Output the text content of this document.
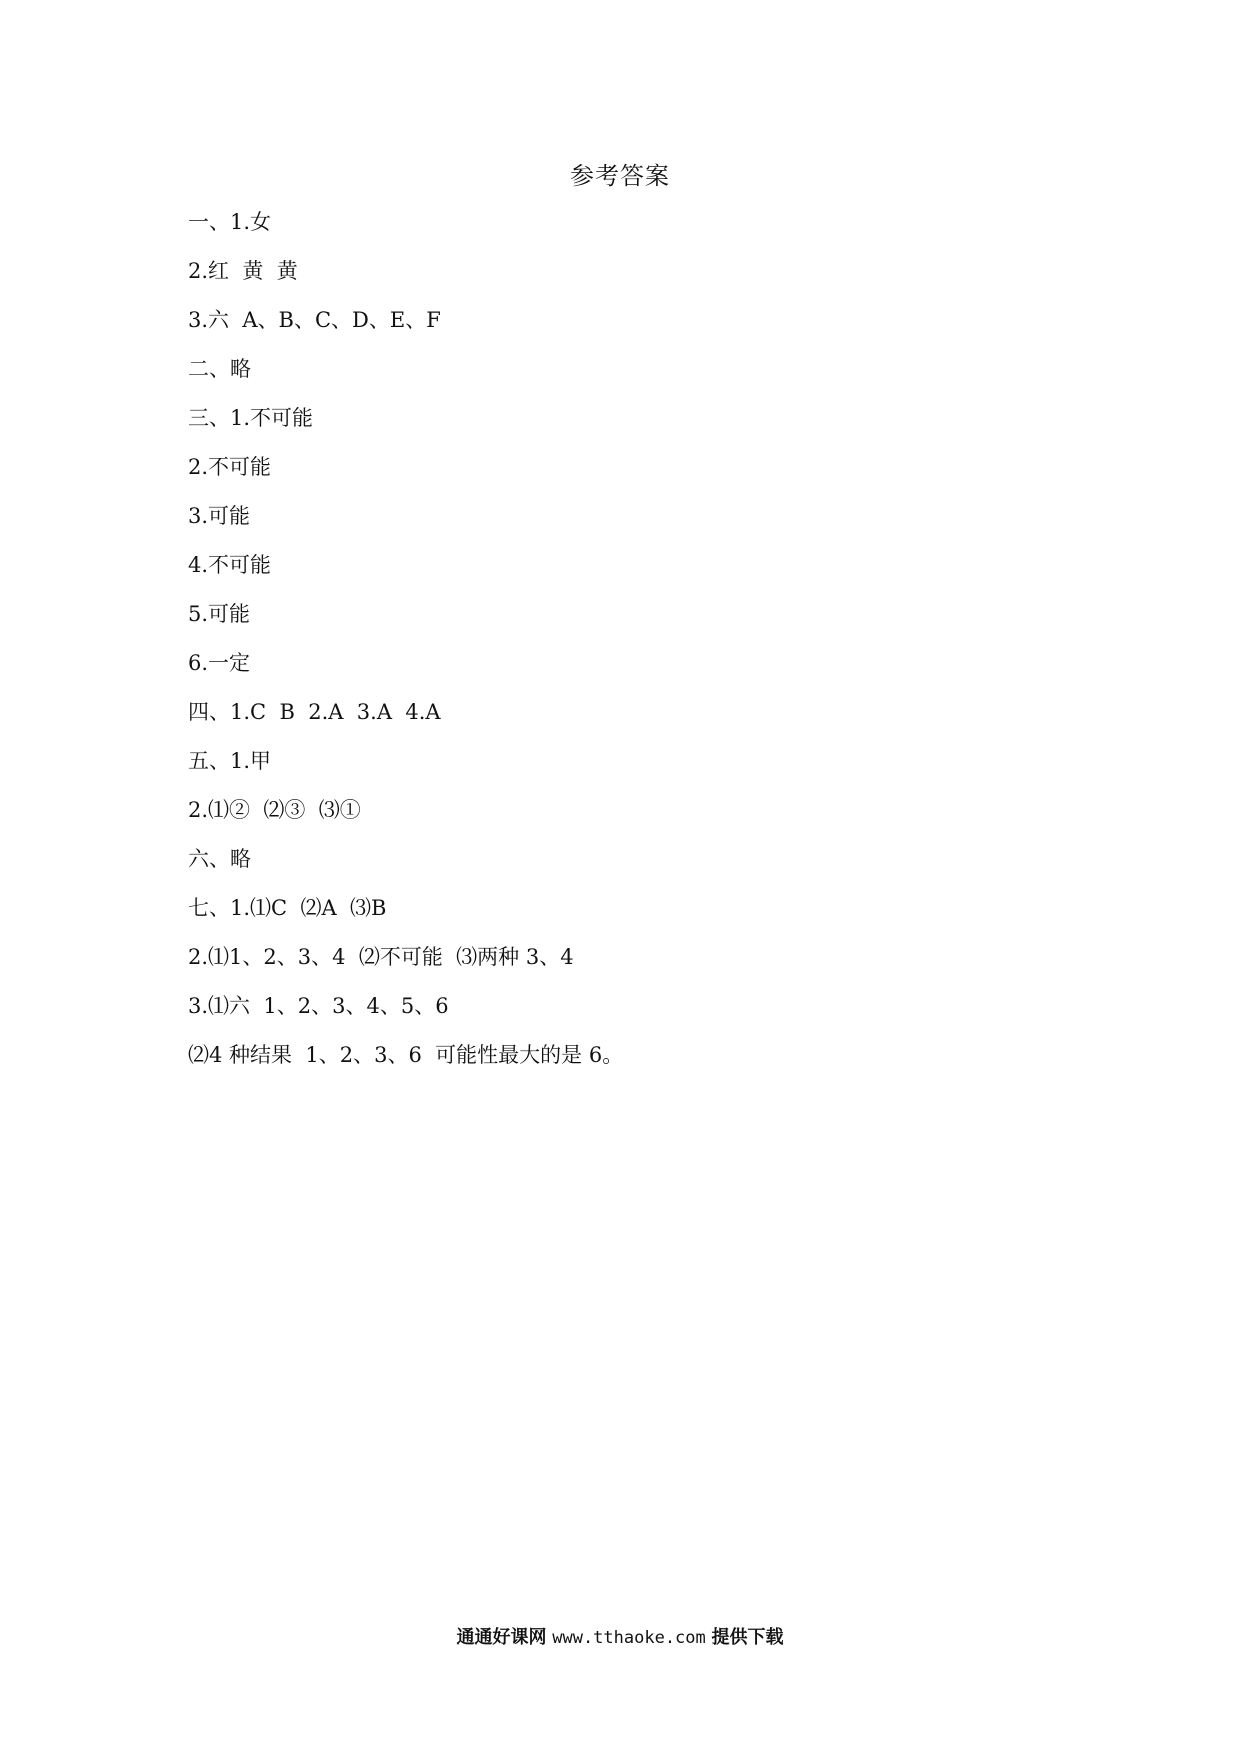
参考答案
一、1.女
2.红  黄  黄
3.六  A、B、C、D、E、F
二、略
三、1.不可能
2.不可能
3.可能
4.不可能
5.可能
6.一定
四、1.C  B  2.A  3.A  4.A
五、1.甲
2.⑴②  ⑵③  ⑶①
六、略
七、1.⑴C  ⑵A  ⑶B
2.⑴1、2、3、4  ⑵不可能  ⑶两种 3、4
3.⑴六  1、2、3、4、5、6
⑵4 种结果  1、2、3、6  可能性最大的是 6。
通通好课网 www.tthaoke.com 提供下载
